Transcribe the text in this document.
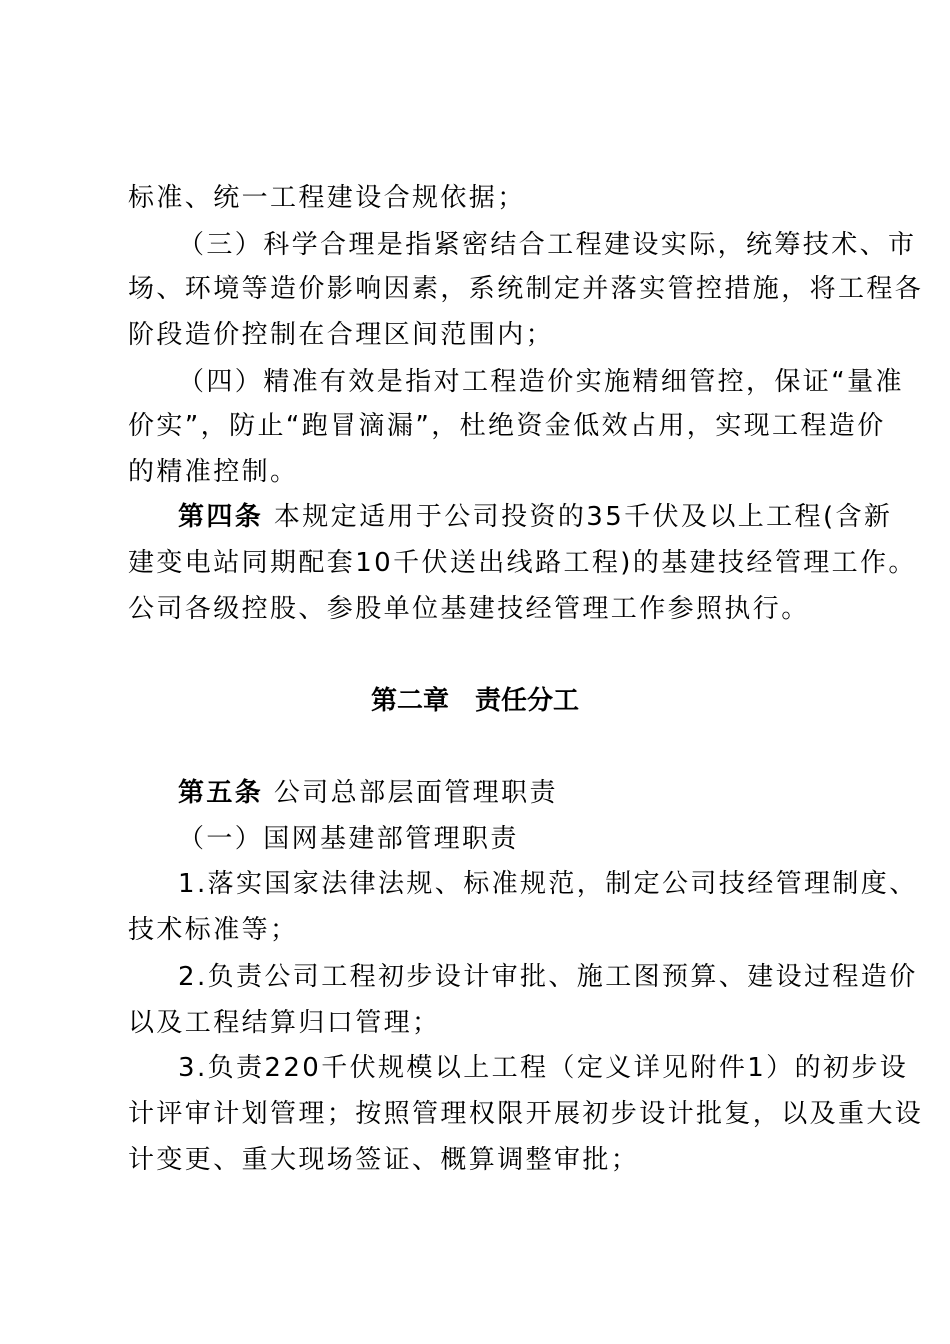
标准、统一工程建设合规依据；
（三）科学合理是指紧密结合工程建设实际，统筹技术、市
场、环境等造价影响因素，系统制定并落实管控措施，将工程各
阶段造价控制在合理区间范围内；
（四）精准有效是指对工程造价实施精细管控，保证“量准
价实”，防止“跑冒滴漏”，杜绝资金低效占用，实现工程造价
的精准控制。
第四条 本规定适用于公司投资的35千伏及以上工程(含新
建变电站同期配套10千伏送出线路工程)的基建技经管理工作。
公司各级控股、参股单位基建技经管理工作参照执行。
第二章　责任分工
第五条 公司总部层面管理职责
（一）国网基建部管理职责
1.落实国家法律法规、标准规范，制定公司技经管理制度、
技术标准等；
2.负责公司工程初步设计审批、施工图预算、建设过程造价
以及工程结算归口管理；
3.负责220千伏规模以上工程（定义详见附件1）的初步设
计评审计划管理；按照管理权限开展初步设计批复，以及重大设
计变更、重大现场签证、概算调整审批；
